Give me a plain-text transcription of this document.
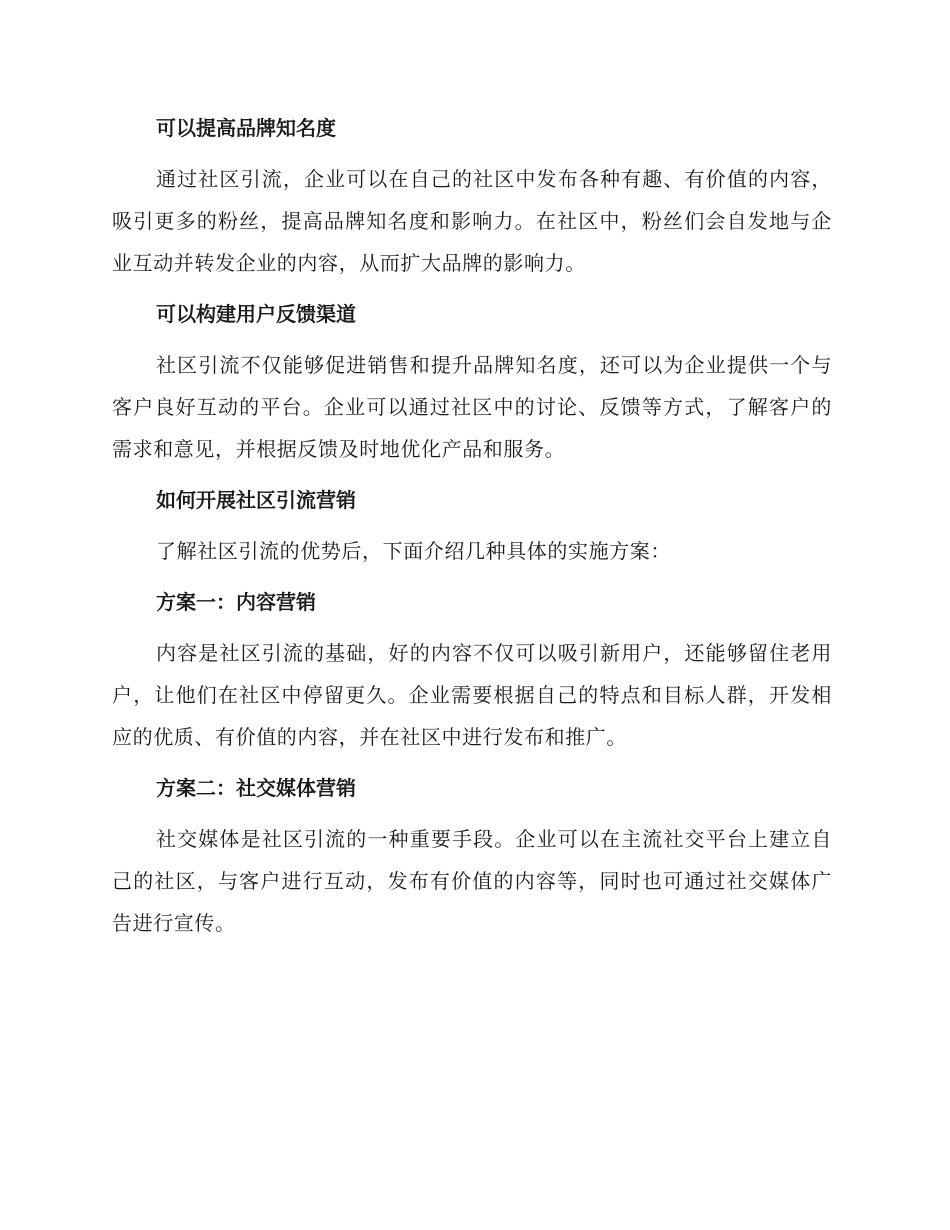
可以提高品牌知名度

通过社区引流，企业可以在自己的社区中发布各种有趣、有价值的内容，吸引更多的粉丝，提高品牌知名度和影响力。在社区中，粉丝们会自发地与企业互动并转发企业的内容，从而扩大品牌的影响力。

可以构建用户反馈渠道

社区引流不仅能够促进销售和提升品牌知名度，还可以为企业提供一个与客户良好互动的平台。企业可以通过社区中的讨论、反馈等方式，了解客户的需求和意见，并根据反馈及时地优化产品和服务。

如何开展社区引流营销

了解社区引流的优势后，下面介绍几种具体的实施方案：

方案一：内容营销

内容是社区引流的基础，好的内容不仅可以吸引新用户，还能够留住老用户，让他们在社区中停留更久。企业需要根据自己的特点和目标人群，开发相应的优质、有价值的内容，并在社区中进行发布和推广。

方案二：社交媒体营销

社交媒体是社区引流的一种重要手段。企业可以在主流社交平台上建立自己的社区，与客户进行互动，发布有价值的内容等，同时也可通过社交媒体广告进行宣传。
